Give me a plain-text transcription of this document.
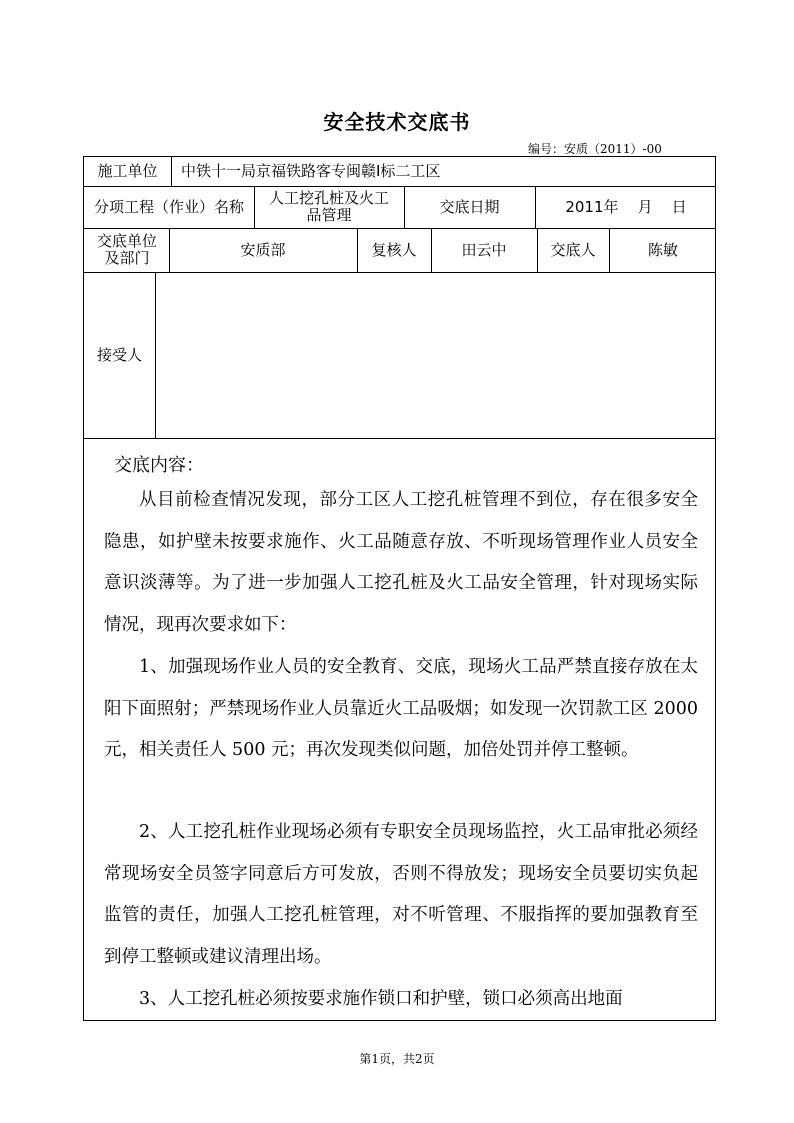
安全技术交底书
编号：安质（2011）-00
施工单位	中铁十一局京福铁路客专闽赣Ⅰ标二工区
分项工程（作业）名称	人工挖孔桩及火工品管理	交底日期	2011年    月    日
交底单位及部门	安质部	复核人	田云中	交底人	陈敏
接受人
交底内容：

从目前检查情况发现，部分工区人工挖孔桩管理不到位，存在很多安全隐患，如护壁未按要求施作、火工品随意存放、不听现场管理作业人员安全意识淡薄等。为了进一步加强人工挖孔桩及火工品安全管理，针对现场实际情况，现再次要求如下：

1、加强现场作业人员的安全教育、交底，现场火工品严禁直接存放在太阳下面照射；严禁现场作业人员靠近火工品吸烟；如发现一次罚款工区 2000 元，相关责任人 500 元；再次发现类似问题，加倍处罚并停工整顿。

2、人工挖孔桩作业现场必须有专职安全员现场监控，火工品审批必须经常现场安全员签字同意后方可发放，否则不得放发；现场安全员要切实负起监管的责任，加强人工挖孔桩管理，对不听管理、不服指挥的要加强教育至到停工整顿或建议清理出场。

3、人工挖孔桩必须按要求施作锁口和护壁，锁口必须高出地面

第1页，共2页
